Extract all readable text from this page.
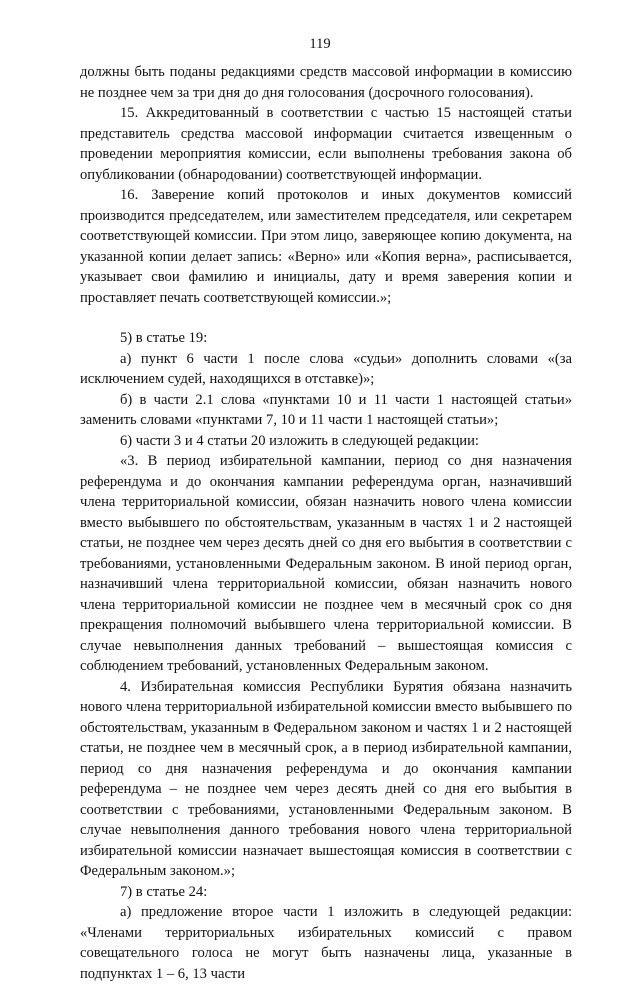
119

должны быть поданы редакциями средств массовой информации в комиссию не позднее чем за три дня до дня голосования (досрочного голосования).

15. Аккредитованный в соответствии с частью 15 настоящей статьи представитель средства массовой информации считается извещенным о проведении мероприятия комиссии, если выполнены требования закона об опубликовании (обнародовании) соответствующей информации.

16. Заверение копий протоколов и иных документов комиссий производится председателем, или заместителем председателя, или секретарем соответствующей комиссии. При этом лицо, заверяющее копию документа, на указанной копии делает запись: «Верно» или «Копия верна», расписывается, указывает свои фамилию и инициалы, дату и время заверения копии и проставляет печать соответствующей комиссии.»;

5) в статье 19:

а) пункт 6 части 1 после слова «судьи» дополнить словами «(за исключением судей, находящихся в отставке)»;

б) в части 2.1 слова «пунктами 10 и 11 части 1 настоящей статьи» заменить словами «пунктами 7, 10 и 11 части 1 настоящей статьи»;

6) части 3 и 4 статьи 20 изложить в следующей редакции:

«3. В период избирательной кампании, период со дня назначения референдума и до окончания кампании референдума орган, назначивший члена территориальной комиссии, обязан назначить нового члена комиссии вместо выбывшего по обстоятельствам, указанным в частях 1 и 2 настоящей статьи, не позднее чем через десять дней со дня его выбытия в соответствии с требованиями, установленными Федеральным законом. В иной период орган, назначивший члена территориальной комиссии, обязан назначить нового члена территориальной комиссии не позднее чем в месячный срок со дня прекращения полномочий выбывшего члена территориальной комиссии. В случае невыполнения данных требований – вышестоящая комиссия с соблюдением требований, установленных Федеральным законом.

4. Избирательная комиссия Республики Бурятия обязана назначить нового члена территориальной избирательной комиссии вместо выбывшего по обстоятельствам, указанным в Федеральном законом и частях 1 и 2 настоящей статьи, не позднее чем в месячный срок, а в период избирательной кампании, период со дня назначения референдума и до окончания кампании референдума – не позднее чем через десять дней со дня его выбытия в соответствии с требованиями, установленными Федеральным законом. В случае невыполнения данного требования нового члена территориальной избирательной комиссии назначает вышестоящая комиссия в соответствии с Федеральным законом.»;

7) в статье 24:

а) предложение второе части 1 изложить в следующей редакции: «Членами территориальных избирательных комиссий с правом совещательного голоса не могут быть назначены лица, указанные в подпунктах 1 – 6, 13 части
